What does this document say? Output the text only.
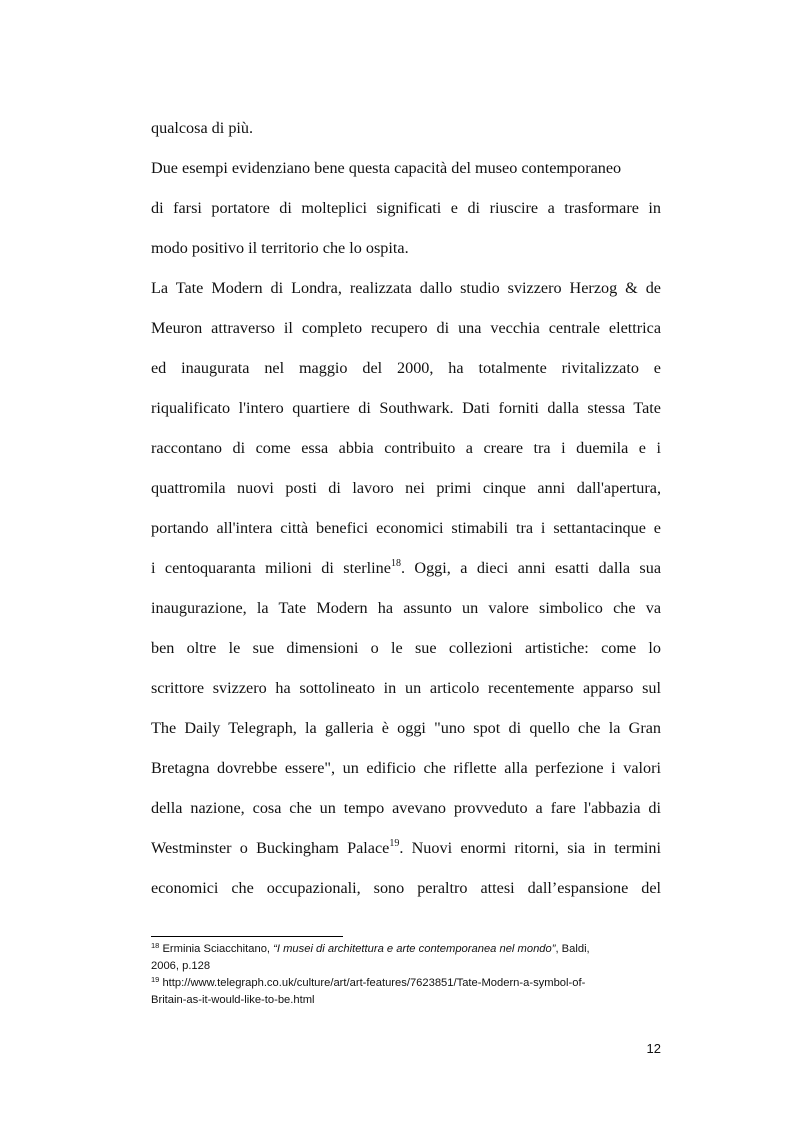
qualcosa di più.
Due esempi evidenziano bene questa capacità del museo contemporaneo
di farsi portatore di molteplici significati e di riuscire a trasformare in
modo positivo il territorio che lo ospita.
La Tate Modern di Londra, realizzata dallo studio svizzero Herzog & de
Meuron attraverso il completo recupero di una vecchia centrale elettrica
ed inaugurata nel maggio del 2000, ha totalmente rivitalizzato e
riqualificato l'intero quartiere di Southwark. Dati forniti dalla stessa Tate
raccontano di come essa abbia contribuito a creare tra i duemila e i
quattromila nuovi posti di lavoro nei primi cinque anni dall'apertura,
portando all'intera città benefici economici stimabili tra i settantacinque e
i centoquaranta milioni di sterline$^{18}$. Oggi, a dieci anni esatti dalla sua
inaugurazione, la Tate Modern ha assunto un valore simbolico che va
ben oltre le sue dimensioni o le sue collezioni artistiche: come lo
scrittore svizzero ha sottolineato in un articolo recentemente apparso sul
The Daily Telegraph, la galleria è oggi "uno spot di quello che la Gran
Bretagna dovrebbe essere", un edificio che riflette alla perfezione i valori
della nazione, cosa che un tempo avevano provveduto a fare l'abbazia di
Westminster o Buckingham Palace$^{19}$. Nuovi enormi ritorni, sia in termini
economici che occupazionali, sono peraltro attesi dall’espansione del
$^{18}$ Erminia Sciacchitano, “I musei di architettura e arte contemporanea nel mondo”, Baldi,
2006, p.128
$^{19}$ http://www.telegraph.co.uk/culture/art/art-features/7623851/Tate-Modern-a-symbol-of-
Britain-as-it-would-like-to-be.html
12
